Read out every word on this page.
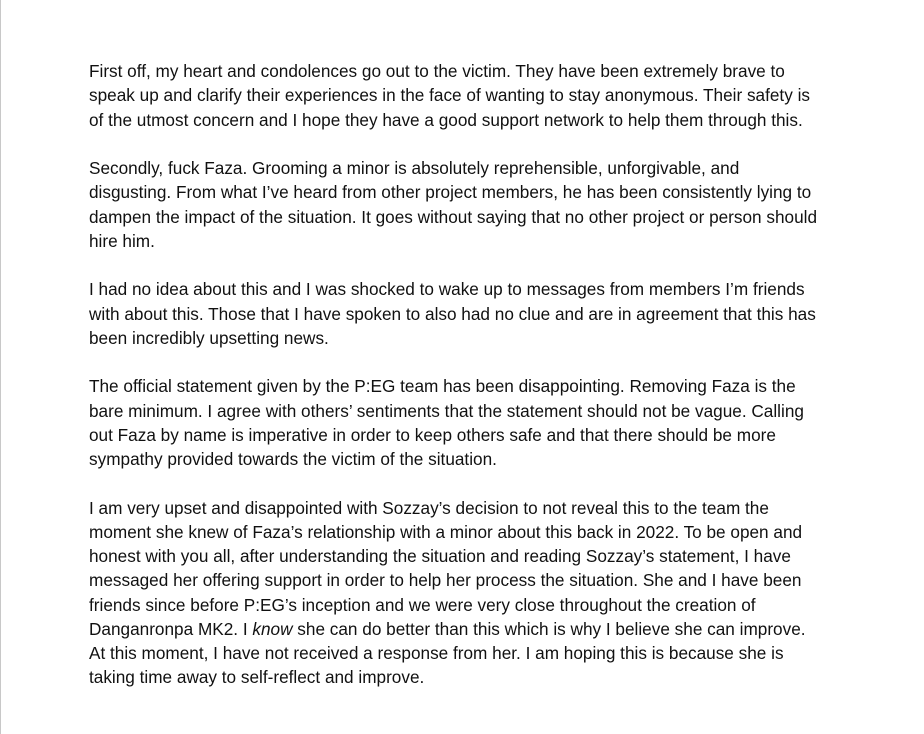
First off, my heart and condolences go out to the victim. They have been extremely brave to speak up and clarify their experiences in the face of wanting to stay anonymous. Their safety is of the utmost concern and I hope they have a good support network to help them through this.

Secondly, fuck Faza. Grooming a minor is absolutely reprehensible, unforgivable, and disgusting. From what I’ve heard from other project members, he has been consistently lying to dampen the impact of the situation. It goes without saying that no other project or person should hire him.

I had no idea about this and I was shocked to wake up to messages from members I’m friends with about this. Those that I have spoken to also had no clue and are in agreement that this has been incredibly upsetting news.

The official statement given by the P:EG team has been disappointing. Removing Faza is the bare minimum. I agree with others’ sentiments that the statement should not be vague. Calling out Faza by name is imperative in order to keep others safe and that there should be more sympathy provided towards the victim of the situation.

I am very upset and disappointed with Sozzay’s decision to not reveal this to the team the moment she knew of Faza’s relationship with a minor about this back in 2022. To be open and honest with you all, after understanding the situation and reading Sozzay’s statement, I have messaged her offering support in order to help her process the situation. She and I have been friends since before P:EG’s inception and we were very close throughout the creation of Danganronpa MK2. I know she can do better than this which is why I believe she can improve. At this moment, I have not received a response from her. I am hoping this is because she is taking time away to self-reflect and improve.
